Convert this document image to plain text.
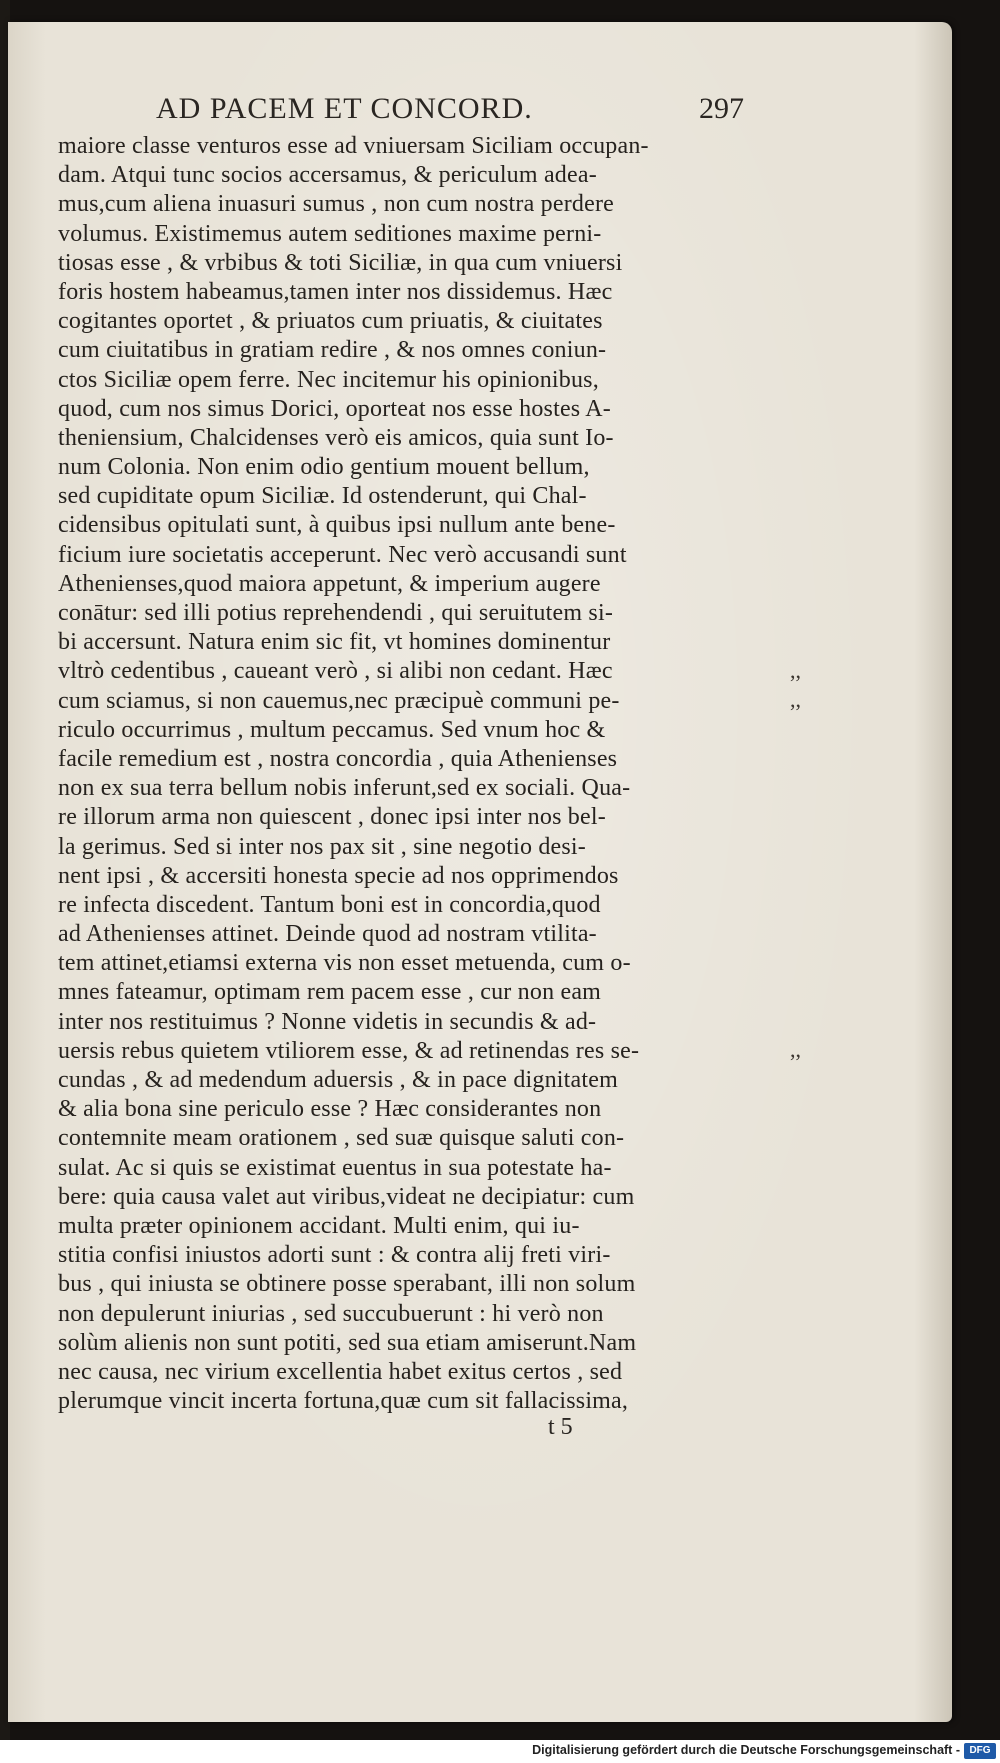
AD PACEM ET CONCORD.	297
maiore classe venturos esse ad vniuersam Siciliam occupan-
dam. Atqui tunc socios accersamus, & periculum adea-
mus,cum aliena inuasuri sumus , non cum nostra perdere
volumus. Existimemus autem seditiones maxime perni-
tiosas esse , & vrbibus & toti Siciliæ, in qua cum vniuersi
foris hostem habeamus,tamen inter nos dissidemus. Hæc
cogitantes oportet , & priuatos cum priuatis, & ciuitates
cum ciuitatibus in gratiam redire , & nos omnes coniun-
ctos Siciliæ opem ferre. Nec incitemur his opinionibus,
quod, cum nos simus Dorici, oporteat nos esse hostes A-
theniensium, Chalcidenses verò eis amicos, quia sunt Io-
num Colonia. Non enim odio gentium mouent bellum,
sed cupiditate opum Siciliæ. Id ostenderunt, qui Chal-
cidensibus opitulati sunt, à quibus ipsi nullum ante bene-
ficium iure societatis acceperunt. Nec verò accusandi sunt
Athenienses,quod maiora appetunt, & imperium augere
conātur: sed illi potius reprehendendi , qui seruitutem si-
bi accersunt. Natura enim sic fit, vt homines dominentur
vltrò cedentibus , caueant verò , si alibi non cedant. Hæc
cum sciamus, si non cauemus,nec præcipuè communi pe-
riculo occurrimus , multum peccamus. Sed vnum hoc &
facile remedium est , nostra concordia , quia Athenienses
non ex sua terra bellum nobis inferunt,sed ex sociali. Qua-
re illorum arma non quiescent , donec ipsi inter nos bel-
la gerimus. Sed si inter nos pax sit , sine negotio desi-
nent ipsi , & accersiti honesta specie ad nos opprimendos
re infecta discedent. Tantum boni est in concordia,quod
ad Athenienses attinet. Deinde quod ad nostram vtilita-
tem attinet,etiamsi externa vis non esset metuenda, cum o-
mnes fateamur, optimam rem pacem esse , cur non eam
inter nos restituimus ? Nonne videtis in secundis & ad-
uersis rebus quietem vtiliorem esse, & ad retinendas res se-
cundas , & ad medendum aduersis , & in pace dignitatem
& alia bona sine periculo esse ? Hæc considerantes non
contemnite meam orationem , sed suæ quisque saluti con-
sulat. Ac si quis se existimat euentus in sua potestate ha-
bere: quia causa valet aut viribus,videat ne decipiatur: cum
multa præter opinionem accidant. Multi enim, qui iu-
stitia confisi iniustos adorti sunt : & contra alij freti viri-
bus , qui iniusta se obtinere posse sperabant, illi non solum
non depulerunt iniurias , sed succubuerunt : hi verò non
solùm alienis non sunt potiti, sed sua etiam amiserunt.Nam
nec causa, nec virium excellentia habet exitus certos , sed
plerumque vincit incerta fortuna,quæ cum sit fallacissima,
,,
,,
,,
t 5
Digitalisierung gefördert durch die Deutsche Forschungsgemeinschaft - DFG
